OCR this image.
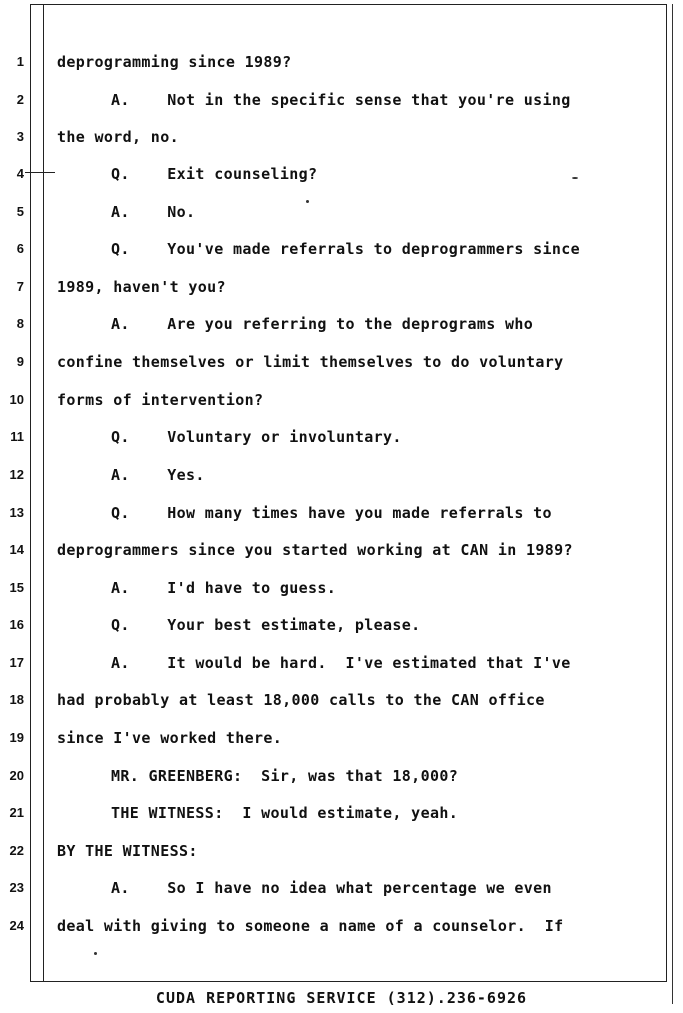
1 deprogramming since 1989?
2	A.    Not in the specific sense that you're using
3 the word, no.
4	Q.    Exit counseling?
5	A.    No.
6	Q.    You've made referrals to deprogrammers since
7 1989, haven't you?
8	A.    Are you referring to the deprograms who
9 confine themselves or limit themselves to do voluntary
10 forms of intervention?
11	Q.    Voluntary or involuntary.
12	A.    Yes.
13	Q.    How many times have you made referrals to
14 deprogrammers since you started working at CAN in 1989?
15	A.    I'd have to guess.
16	Q.    Your best estimate, please.
17	A.    It would be hard.  I've estimated that I've
18 had probably at least 18,000 calls to the CAN office
19 since I've worked there.
20	MR. GREENBERG:  Sir, was that 18,000?
21	THE WITNESS:  I would estimate, yeah.
22 BY THE WITNESS:
23	A.    So I have no idea what percentage we even
24 deal with giving to someone a name of a counselor.  If
CUDA REPORTING SERVICE (312).236-6926
